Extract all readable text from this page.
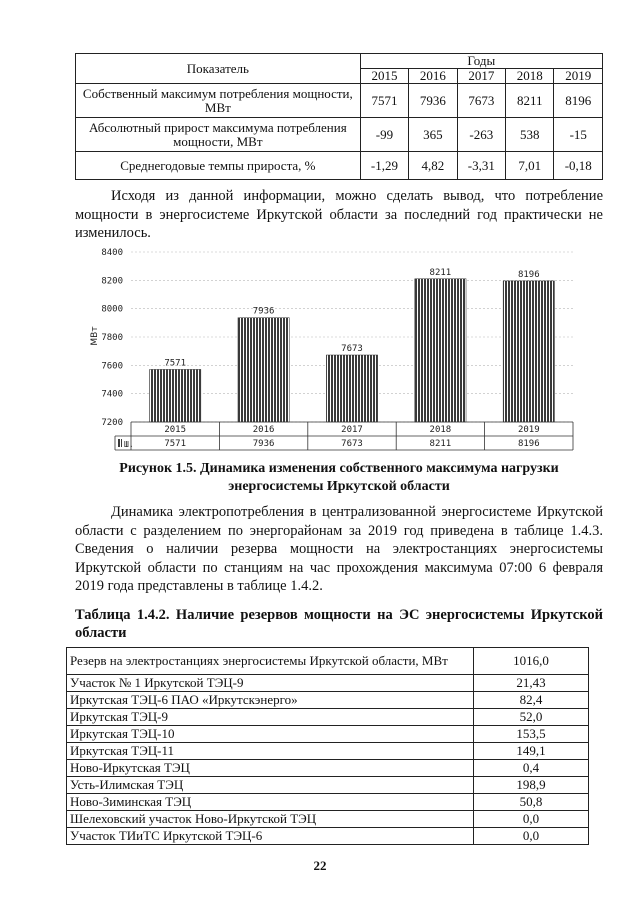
Показатель	Годы				
	2015	2016	2017	2018	2019
Собственный максимум потребления мощности, МВт	7571	7936	7673	8211	8196
Абсолютный прирост максимума потребления мощности, МВт	-99	365	-263	538	-15
Среднегодовые темпы прироста, %	-1,29	4,82	-3,31	7,01	-0,18
Исходя из данной информации, можно сделать вывод, что потребление мощности в энергосистеме Иркутской области за последний год практически не изменилось.
7200
7400
7600
7800
8000
8200
8400
7571
7936
7673
8211	8196
Ш.
2015
7571
2016
7936
2017
7673
2018
8211
2019
8196
МВт
Рисунок 1.5. Динамика изменения собственного максимума нагрузки энергосистемы Иркутской области
Динамика электропотребления в централизованной энергосистеме Иркутской области с разделением по энергорайонам за 2019 год приведена в таблице 1.4.3. Сведения о наличии резерва мощности на электростанциях энергосистемы Иркутской области по станциям на час прохождения максимума 07:00 6 февраля 2019 года представлены в таблице 1.4.2.
Таблица 1.4.2. Наличие резервов мощности на ЭС энергосистемы Иркутской области
Резерв на электростанциях энергосистемы Иркутской области, МВт	1016,0
Участок № 1 Иркутской ТЭЦ-9	21,43
Иркутская ТЭЦ-6 ПАО «Иркутскэнерго»	82,4
Иркутская ТЭЦ-9	52,0
Иркутская ТЭЦ-10	153,5
Иркутская ТЭЦ-11	149,1
Ново-Иркутская ТЭЦ	0,4
Усть-Илимская ТЭЦ	198,9
Ново-Зиминская ТЭЦ	50,8
Шелеховский участок Ново-Иркутской ТЭЦ	0,0
Участок ТИиТС Иркутской ТЭЦ-6	0,0
22
